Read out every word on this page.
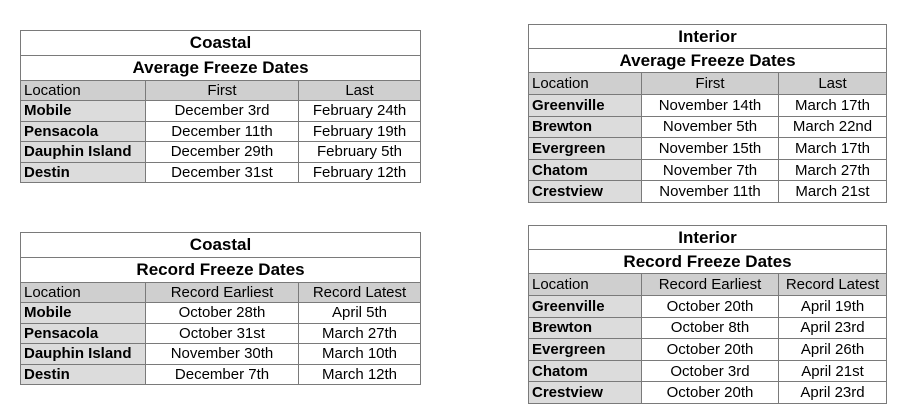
Coastal		
Average Freeze Dates		
Location	First	Last
Mobile	December 3rd	February 24th
Pensacola	December 11th	February 19th
Dauphin Island	December 29th	February 5th
Destin	December 31st	February 12th
Coastal		
Record Freeze Dates		
Location	Record Earliest	Record Latest
Mobile	October 28th	April 5th
Pensacola	October 31st	March 27th
Dauphin Island	November 30th	March 10th
Destin	December 7th	March 12th
Interior		
Average Freeze Dates		
Location	First	Last
Greenville	November 14th	March 17th
Brewton	November 5th	March 22nd
Evergreen	November 15th	March 17th
Chatom	November 7th	March 27th
Crestview	November 11th	March 21st
Interior		
Record Freeze Dates		
Location	Record Earliest	Record Latest
Greenville	October 20th	April 19th
Brewton	October 8th	April 23rd
Evergreen	October 20th	April 26th
Chatom	October 3rd	April 21st
Crestview	October 20th	April 23rd
